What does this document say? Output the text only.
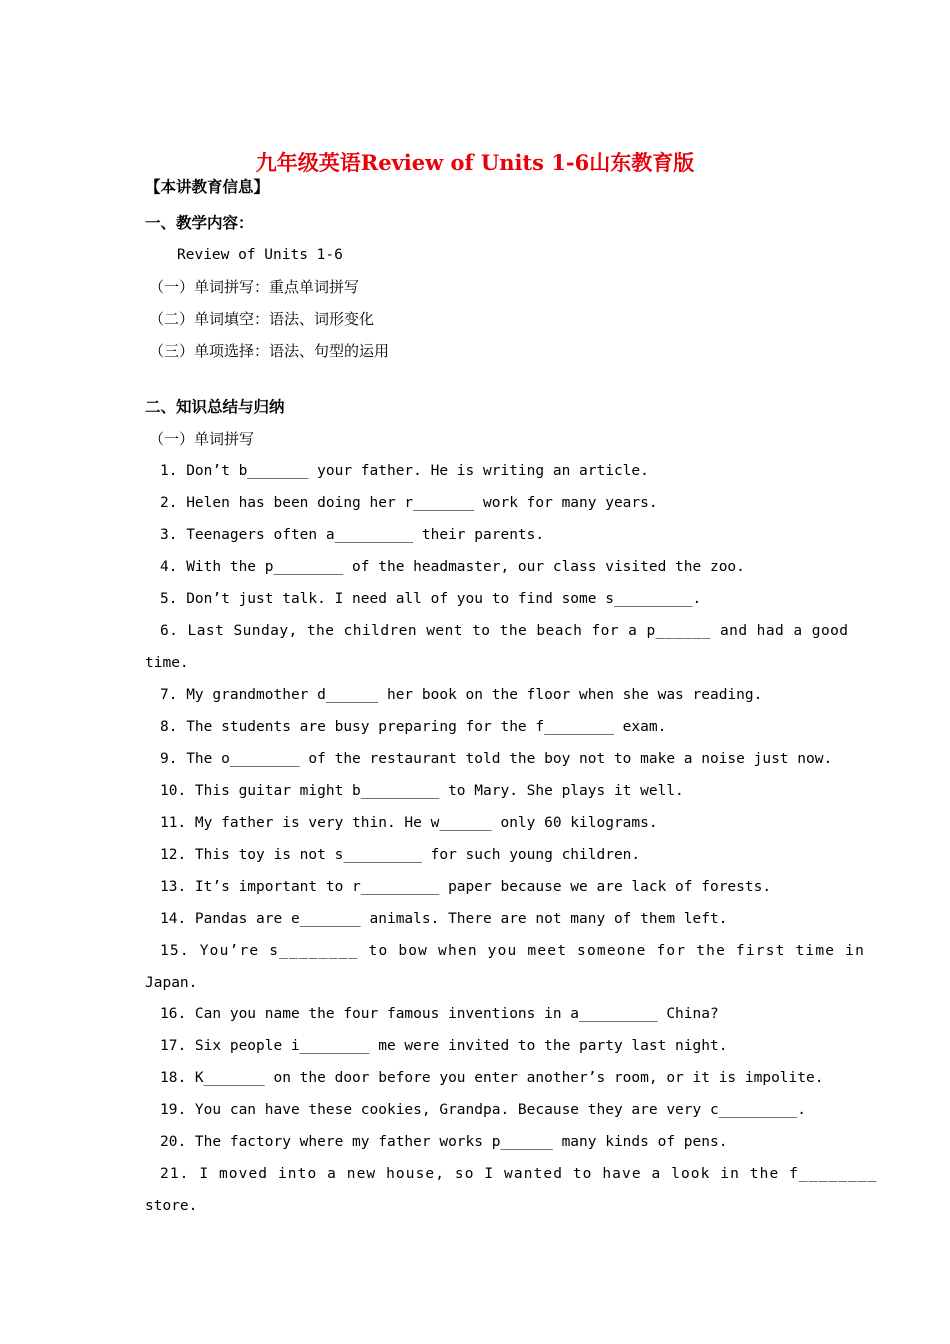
九年级英语Review of Units 1-6山东教育版
【本讲教育信息】
一、教学内容：
Review of Units 1-6
（一）单词拼写：重点单词拼写
（二）单词填空：语法、词形变化
（三）单项选择：语法、句型的运用
二、知识总结与归纳
（一）单词拼写
1. Don’t b_______ your father. He is writing an article.
2. Helen has been doing her r_______ work for many years.
3. Teenagers often a_________ their parents.
4. With the p________ of the headmaster, our class visited the zoo.
5. Don’t just talk. I need all of you to find some s_________.
6. Last Sunday, the children went to the beach for a p______ and had a good
time.
7. My grandmother d______ her book on the floor when she was reading.
8. The students are busy preparing for the f________ exam.
9. The o________ of the restaurant told the boy not to make a noise just now.
10. This guitar might b_________ to Mary. She plays it well.
11. My father is very thin. He w______ only 60 kilograms.
12. This toy is not s_________ for such young children.
13. It’s important to r_________ paper because we are lack of forests.
14. Pandas are e_______ animals. There are not many of them left.
15. You’re s________ to bow when you meet someone for the first time in
Japan.
16. Can you name the four famous inventions in a_________ China?
17. Six people i________ me were invited to the party last night.
18. K_______ on the door before you enter another’s room, or it is impolite.
19. You can have these cookies, Grandpa. Because they are very c_________.
20. The factory where my father works p______ many kinds of pens.
21. I moved into a new house, so I wanted to have a look in the f________
store.
